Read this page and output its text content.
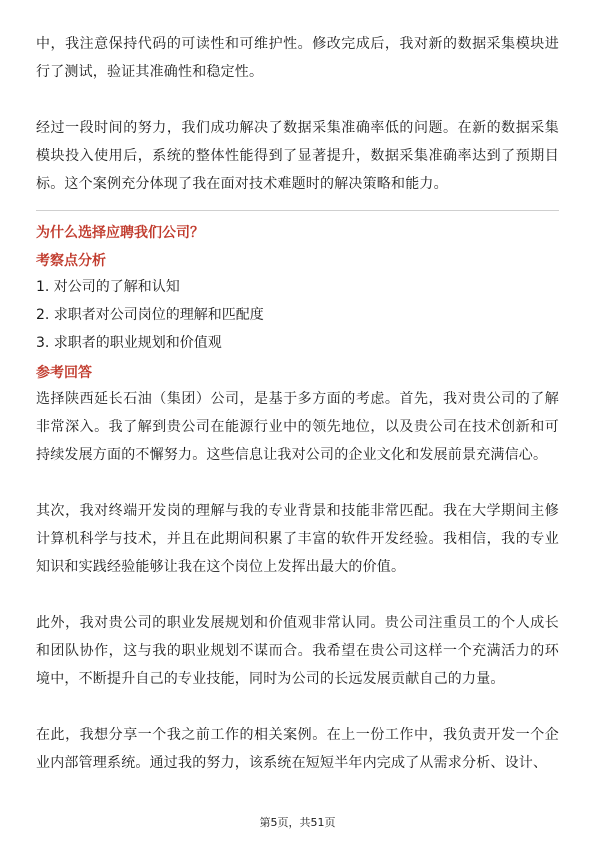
中，我注意保持代码的可读性和可维护性。修改完成后，我对新的数据采集模块进行了测试，验证其准确性和稳定性。

经过一段时间的努力，我们成功解决了数据采集准确率低的问题。在新的数据采集模块投入使用后，系统的整体性能得到了显著提升，数据采集准确率达到了预期目标。这个案例充分体现了我在面对技术难题时的解决策略和能力。

为什么选择应聘我们公司？
考察点分析
1. 对公司的了解和认知
2. 求职者对公司岗位的理解和匹配度
3. 求职者的职业规划和价值观
参考回答

选择陕西延长石油（集团）公司，是基于多方面的考虑。首先，我对贵公司的了解非常深入。我了解到贵公司在能源行业中的领先地位，以及贵公司在技术创新和可持续发展方面的不懈努力。这些信息让我对公司的企业文化和发展前景充满信心。

其次，我对终端开发岗的理解与我的专业背景和技能非常匹配。我在大学期间主修计算机科学与技术，并且在此期间积累了丰富的软件开发经验。我相信，我的专业知识和实践经验能够让我在这个岗位上发挥出最大的价值。

此外，我对贵公司的职业发展规划和价值观非常认同。贵公司注重员工的个人成长和团队协作，这与我的职业规划不谋而合。我希望在贵公司这样一个充满活力的环境中，不断提升自己的专业技能，同时为公司的长远发展贡献自己的力量。

在此，我想分享一个我之前工作的相关案例。在上一份工作中，我负责开发一个企业内部管理系统。通过我的努力，该系统在短短半年内完成了从需求分析、设计、

第5页，共51页
